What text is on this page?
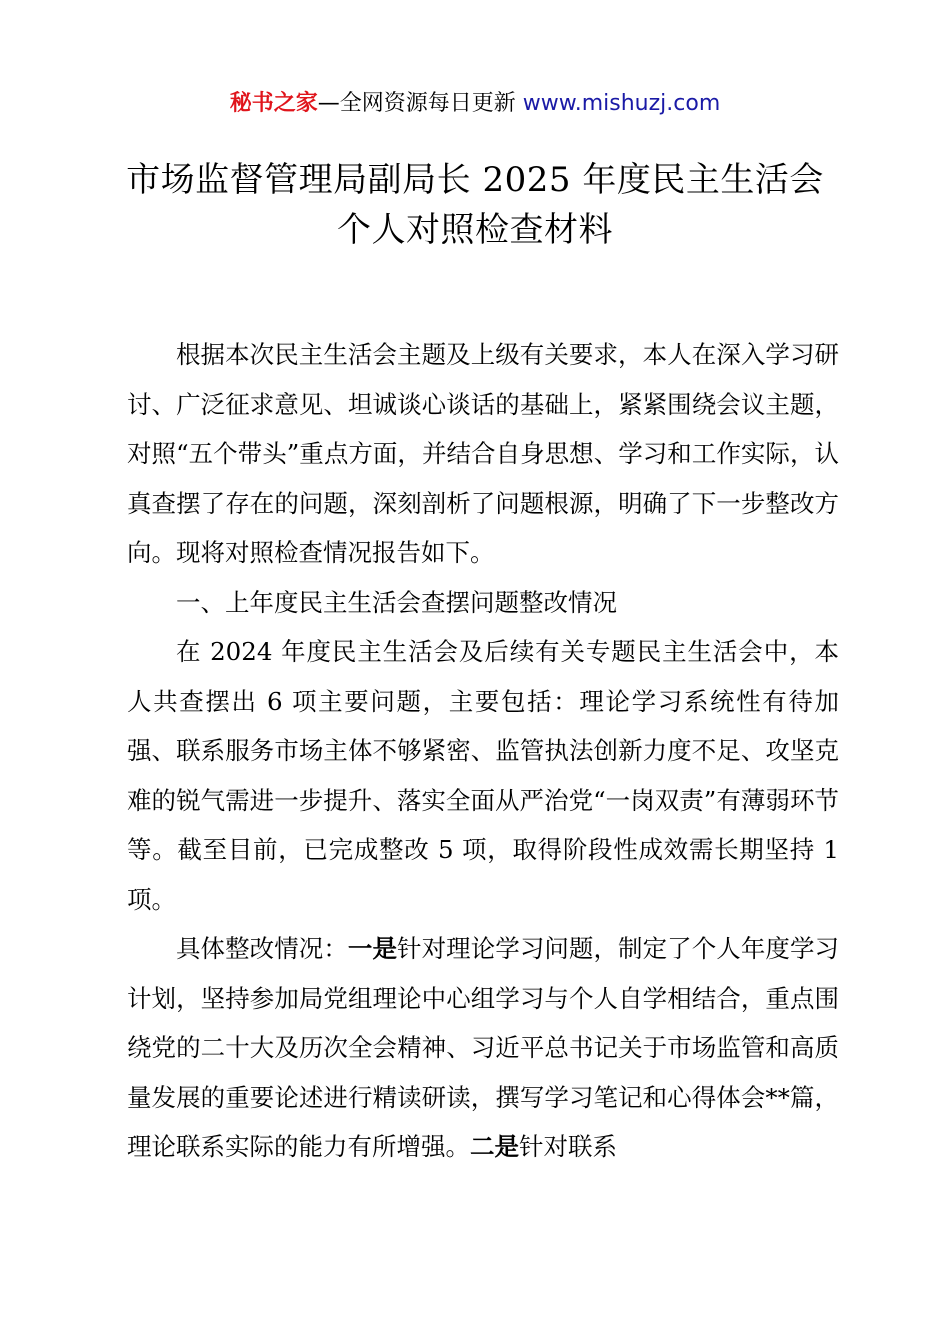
秘书之家—全网资源每日更新 www.mishuzj.com
市场监督管理局副局长 2025 年度民主生活会
个人对照检查材料

根据本次民主生活会主题及上级有关要求，本人在深入学习研讨、广泛征求意见、坦诚谈心谈话的基础上，紧紧围绕会议主题，对照“五个带头”重点方面，并结合自身思想、学习和工作实际，认真查摆了存在的问题，深刻剖析了问题根源，明确了下一步整改方向。现将对照检查情况报告如下。

一、上年度民主生活会查摆问题整改情况

在 2024 年度民主生活会及后续有关专题民主生活会中，本人共查摆出 6 项主要问题，主要包括：理论学习系统性有待加强、联系服务市场主体不够紧密、监管执法创新力度不足、攻坚克难的锐气需进一步提升、落实全面从严治党“一岗双责”有薄弱环节等。截至目前，已完成整改 5 项，取得阶段性成效需长期坚持 1 项。

具体整改情况：一是针对理论学习问题，制定了个人年度学习计划，坚持参加局党组理论中心组学习与个人自学相结合，重点围绕党的二十大及历次全会精神、习近平总书记关于市场监管和高质量发展的重要论述进行精读研读，撰写学习笔记和心得体会**篇，理论联系实际的能力有所增强。二是针对联系
